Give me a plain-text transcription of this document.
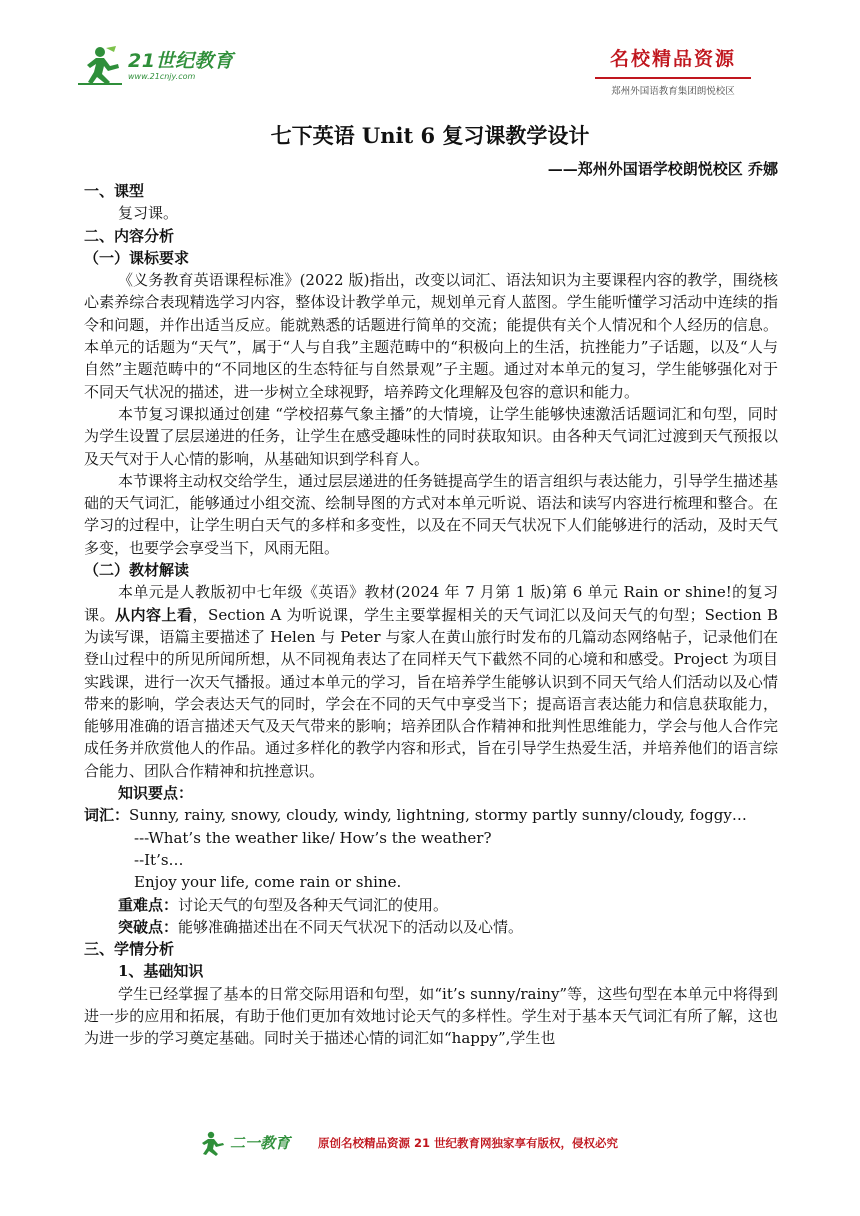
21世纪教育
www.21cnjy.com
名校精品资源
郑州外国语教育集团朗悦校区
七下英语 Unit 6 复习课教学设计
——郑州外国语学校朗悦校区 乔娜

一、课型

复习课。

二、内容分析

（一）课标要求

《义务教育英语课程标准》(2022 版)指出，改变以词汇、语法知识为主要课程内容的教学，围绕核心素养综合表现精选学习内容，整体设计教学单元，规划单元育人蓝图。学生能听懂学习活动中连续的指令和问题，并作出适当反应。能就熟悉的话题进行简单的交流；能提供有关个人情况和个人经历的信息。本单元的话题为“天气”，属于“人与自我”主题范畴中的“积极向上的生活，抗挫能力”子话题，以及“人与自然”主题范畴中的“不同地区的生态特征与自然景观”子主题。通过对本单元的复习，学生能够强化对于不同天气状况的描述，进一步树立全球视野，培养跨文化理解及包容的意识和能力。

本节复习课拟通过创建 “学校招募气象主播”的大情境，让学生能够快速激活话题词汇和句型，同时为学生设置了层层递进的任务，让学生在感受趣味性的同时获取知识。由各种天气词汇过渡到天气预报以及天气对于人心情的影响，从基础知识到学科育人。

本节课将主动权交给学生，通过层层递进的任务链提高学生的语言组织与表达能力，引导学生描述基础的天气词汇，能够通过小组交流、绘制导图的方式对本单元听说、语法和读写内容进行梳理和整合。在学习的过程中，让学生明白天气的多样和多变性，以及在不同天气状况下人们能够进行的活动，及时天气多变，也要学会享受当下，风雨无阻。

（二）教材解读

本单元是人教版初中七年级《英语》教材(2024 年 7 月第 1 版)第 6 单元 Rain or shine!的复习课。从内容上看，Section A 为听说课，学生主要掌握相关的天气词汇以及问天气的句型；Section B 为读写课，语篇主要描述了 Helen 与 Peter 与家人在黄山旅行时发布的几篇动态网络帖子，记录他们在登山过程中的所见所闻所想，从不同视角表达了在同样天气下截然不同的心境和和感受。Project 为项目实践课，进行一次天气播报。通过本单元的学习，旨在培养学生能够认识到不同天气给人们活动以及心情带来的影响，学会表达天气的同时，学会在不同的天气中享受当下；提高语言表达能力和信息获取能力，能够用准确的语言描述天气及天气带来的影响；培养团队合作精神和批判性思维能力，学会与他人合作完成任务并欣赏他人的作品。通过多样化的教学内容和形式，旨在引导学生热爱生活，并培养他们的语言综合能力、团队合作精神和抗挫意识。

知识要点：

词汇：Sunny, rainy, snowy, cloudy, windy, lightning, stormy partly sunny/cloudy, foggy…

---What’s the weather like/ How’s the weather?

--It’s…

Enjoy your life, come rain or shine.

重难点：讨论天气的句型及各种天气词汇的使用。

突破点：能够准确描述出在不同天气状况下的活动以及心情。

三、学情分析

1、基础知识

学生已经掌握了基本的日常交际用语和句型，如“it’s sunny/rainy”等，这些句型在本单元中将得到进一步的应用和拓展，有助于他们更加有效地讨论天气的多样性。学生对于基本天气词汇有所了解，这也为进一步的学习奠定基础。同时关于描述心情的词汇如“happy”,学生也

二一教育 原创名校精品资源 21 世纪教育网独家享有版权，侵权必究
